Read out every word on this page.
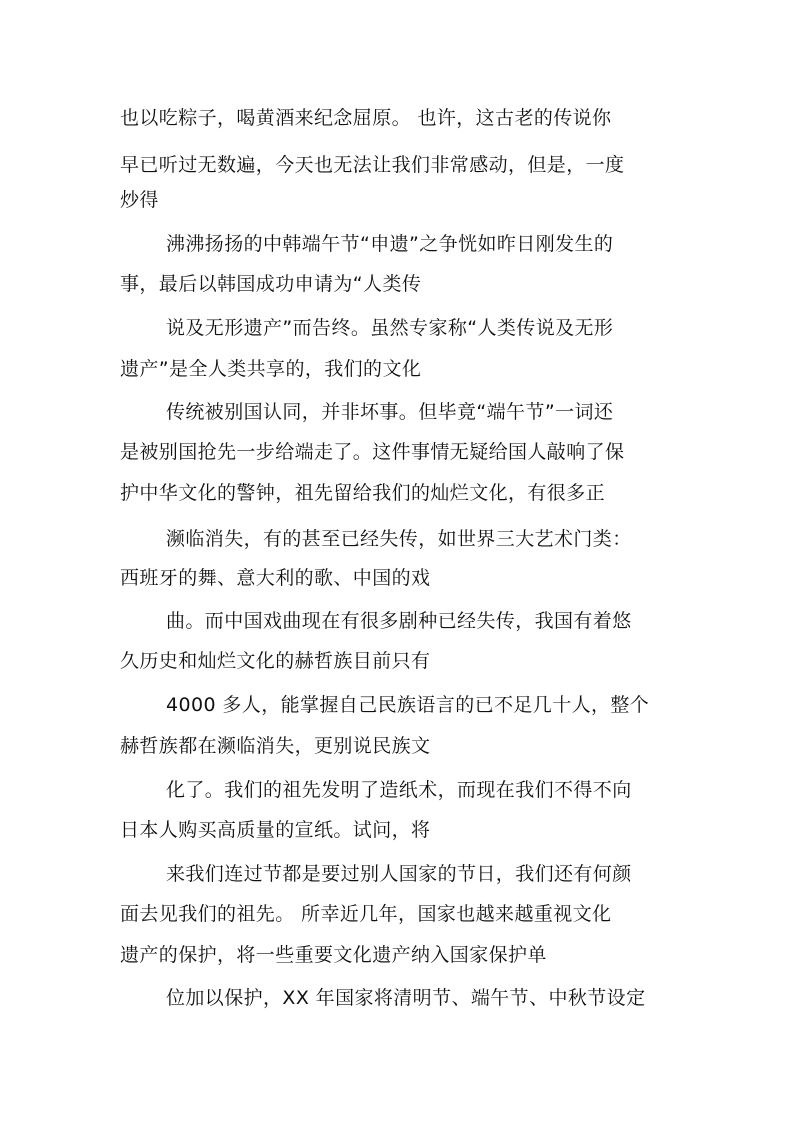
也以吃粽子，喝黄酒来纪念屈原。 也许，这古老的传说你
早已听过无数遍，今天也无法让我们非常感动，但是，一度
炒得
沸沸扬扬的中韩端午节“申遗”之争恍如昨日刚发生的
事，最后以韩国成功申请为“人类传
说及无形遗产”而告终。虽然专家称“人类传说及无形
遗产”是全人类共享的，我们的文化
传统被别国认同，并非坏事。但毕竟“端午节”一词还
是被别国抢先一步给端走了。这件事情无疑给国人敲响了保
护中华文化的警钟，祖先留给我们的灿烂文化，有很多正
濒临消失，有的甚至已经失传，如世界三大艺术门类：
西班牙的舞、意大利的歌、中国的戏
曲。而中国戏曲现在有很多剧种已经失传，我国有着悠
久历史和灿烂文化的赫哲族目前只有
4000 多人，能掌握自己民族语言的已不足几十人，整个
赫哲族都在濒临消失，更别说民族文
化了。我们的祖先发明了造纸术，而现在我们不得不向
日本人购买高质量的宣纸。试问，将
来我们连过节都是要过别人国家的节日，我们还有何颜
面去见我们的祖先。 所幸近几年，国家也越来越重视文化
遗产的保护，将一些重要文化遗产纳入国家保护单
位加以保护，XX 年国家将清明节、端午节、中秋节设定
